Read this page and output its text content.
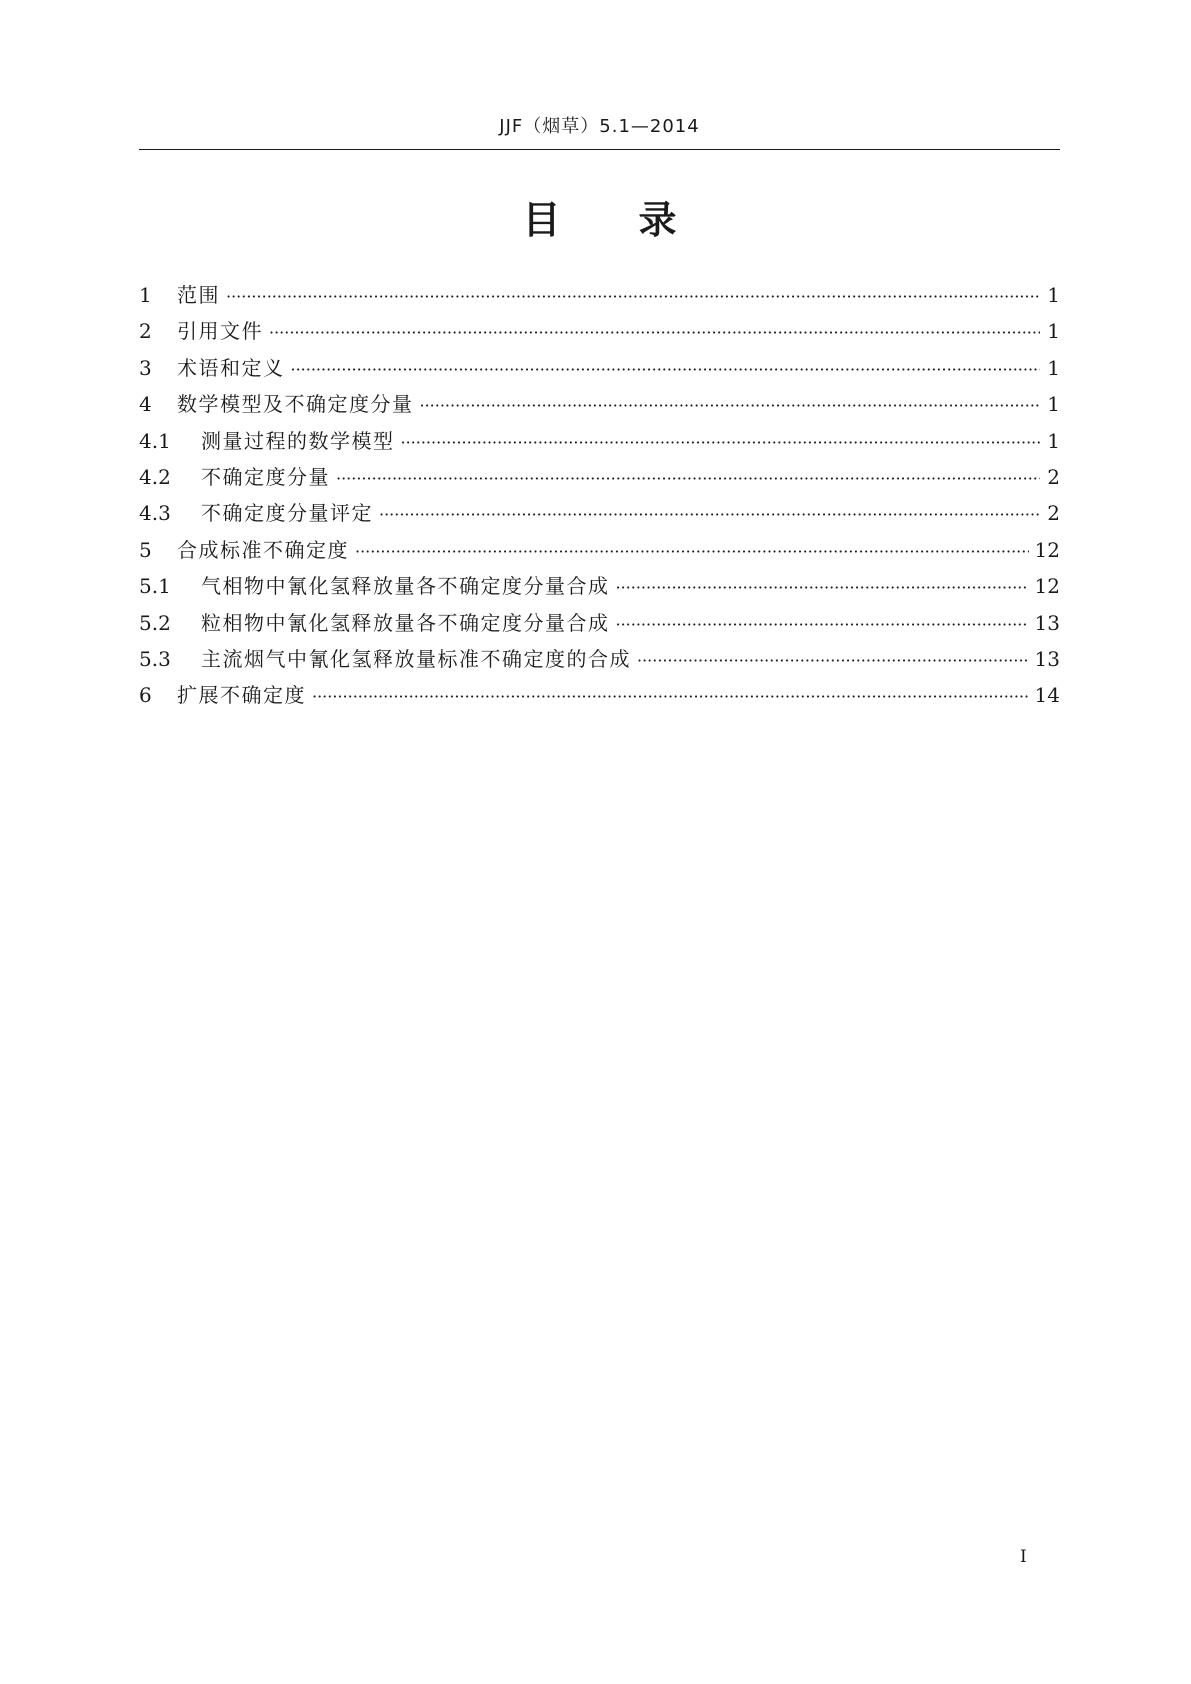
JJF（烟草）5.1—2014
目录
1	范围 ·····	1
2	引用文件 ·····	1
3	术语和定义 ·····	1
4	数学模型及不确定度分量 ·····	1
4.1	测量过程的数学模型 ·····	1
4.2	不确定度分量 ·····	2
4.3	不确定度分量评定 ·····	2
5	合成标准不确定度 ·····	12
5.1	气相物中氰化氢释放量各不确定度分量合成 ·····	12
5.2	粒相物中氰化氢释放量各不确定度分量合成 ·····	13
5.3	主流烟气中氰化氢释放量标准不确定度的合成 ·····	13
6	扩展不确定度 ·····	14
I
